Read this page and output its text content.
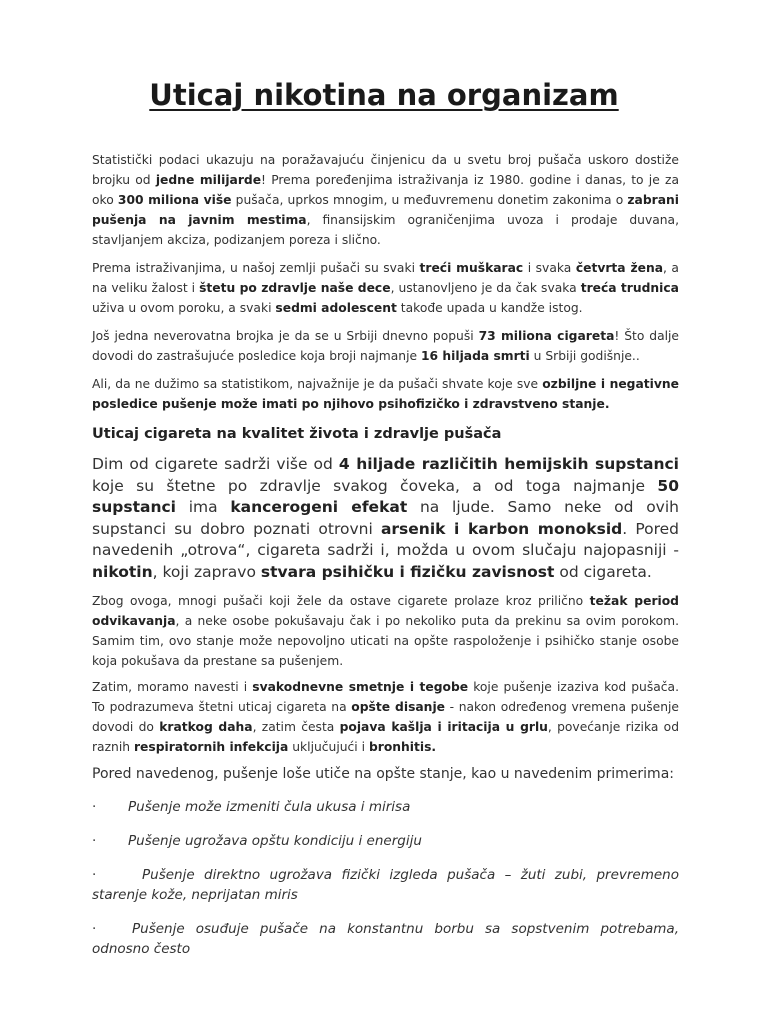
Uticaj nikotina na organizam

Statistički podaci ukazuju na poražavajuću činjenicu da u svetu broj pušača uskoro dostiže brojku od jedne milijarde! Prema poređenjima istraživanja iz 1980. godine i danas, to je za oko 300 miliona više pušača, uprkos mnogim, u međuvremenu donetim zakonima o zabrani pušenja na javnim mestima, finansijskim ograničenjima uvoza i prodaje duvana, stavljanjem akciza, podizanjem poreza i slično.

Prema istraživanjima, u našoj zemlji pušači su svaki treći muškarac i svaka četvrta žena, a na veliku žalost i štetu po zdravlje naše dece, ustanovljeno je da čak svaka treća trudnica uživa u ovom poroku, a svaki sedmi adolescent takođe upada u kandže istog.

Još jedna neverovatna brojka je da se u Srbiji dnevno popuši 73 miliona cigareta! Što dalje dovodi do zastrašujuće posledice koja broji najmanje 16 hiljada smrti u Srbiji godišnje..

Ali, da ne dužimo sa statistikom, najvažnije je da pušači shvate koje sve ozbiljne i negativne posledice pušenje može imati po njihovo psihofizičko i zdravstveno stanje.

Uticaj cigareta na kvalitet života i zdravlje pušača

Dim od cigarete sadrži više od 4 hiljade različitih hemijskih supstanci koje su štetne po zdravlje svakog čoveka, a od toga najmanje 50 supstanci ima kancerogeni efekat na ljude. Samo neke od ovih supstanci su dobro poznati otrovni arsenik i karbon monoksid. Pored navedenih „otrova“, cigareta sadrži i, možda u ovom slučaju najopasniji - nikotin, koji zapravo stvara psihičku i fizičku zavisnost od cigareta.

Zbog ovoga, mnogi pušači koji žele da ostave cigarete prolaze kroz prilično težak period odvikavanja, a neke osobe pokušavaju čak i po nekoliko puta da prekinu sa ovim porokom. Samim tim, ovo stanje može nepovoljno uticati na opšte raspoloženje i psihičko stanje osobe koja pokušava da prestane sa pušenjem.

Zatim, moramo navesti i svakodnevne smetnje i tegobe koje pušenje izaziva kod pušača. To podrazumeva štetni uticaj cigareta na opšte disanje - nakon određenog vremena pušenje dovodi do kratkog daha, zatim česta pojava kašlja i iritacija u grlu, povećanje rizika od raznih respiratornih infekcija uključujući i bronhitis.

Pored navedenog, pušenje loše utiče na opšte stanje, kao u navedenim primerima:

· Pušenje može izmeniti čula ukusa i mirisa

· Pušenje ugrožava opštu kondiciju i energiju

·	Pušenje direktno ugrožava fizički izgleda pušača – žuti zubi, prevremeno starenje kože, neprijatan miris

·	Pušenje osuđuje pušače na konstantnu borbu sa sopstvenim potrebama, odnosno često
